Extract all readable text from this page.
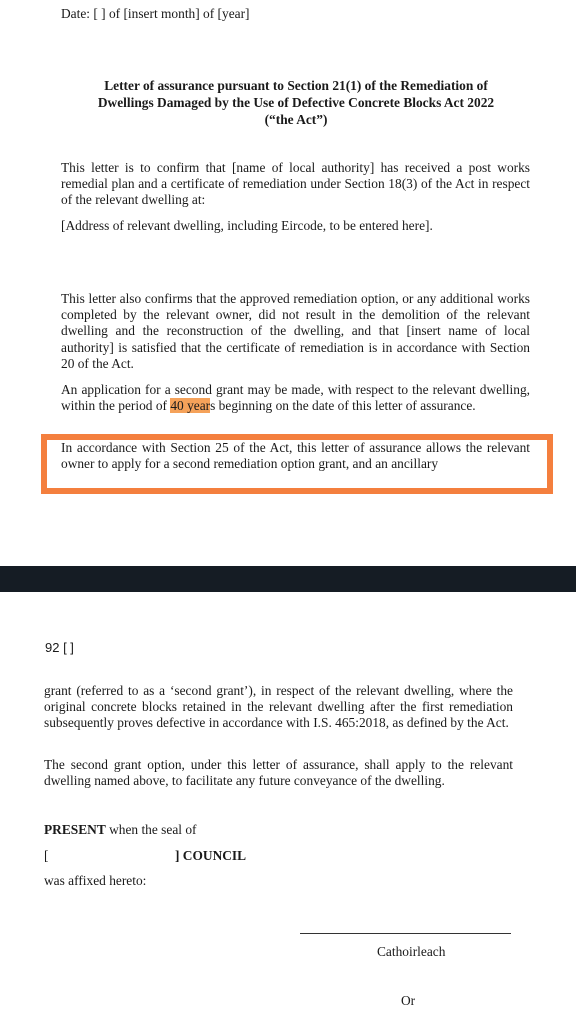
Date: [ ] of [insert month] of [year]
Letter of assurance pursuant to Section 21(1) of the Remediation of
Dwellings Damaged by the Use of Defective Concrete Blocks Act 2022
(“the Act”)
This letter is to confirm that [name of local authority] has received a post works remedial plan and a certificate of remediation under Section 18(3) of the Act in respect of the relevant dwelling at:
[Address of relevant dwelling, including Eircode, to be entered here].
This letter also confirms that the approved remediation option, or any additional works completed by the relevant owner, did not result in the demolition of the relevant dwelling and the reconstruction of the dwelling, and that [insert name of local authority] is satisfied that the certificate of remediation is in accordance with Section 20 of the Act.
An application for a second grant may be made, with respect to the relevant dwelling, within the period of 40 years beginning on the date of this letter of assurance.
In accordance with Section 25 of the Act, this letter of assurance allows the relevant owner to apply for a second remediation option grant, and an ancillary
92 [ ]
grant (referred to as a ‘second grant’), in respect of the relevant dwelling, where the original concrete blocks retained in the relevant dwelling after the first remediation subsequently proves defective in accordance with I.S. 465:2018, as defined by the Act.
The second grant option, under this letter of assurance, shall apply to the relevant dwelling named above, to facilitate any future conveyance of the dwelling.
PRESENT when the seal of
[	] COUNCIL
was affixed hereto:
Cathoirleach
Or
